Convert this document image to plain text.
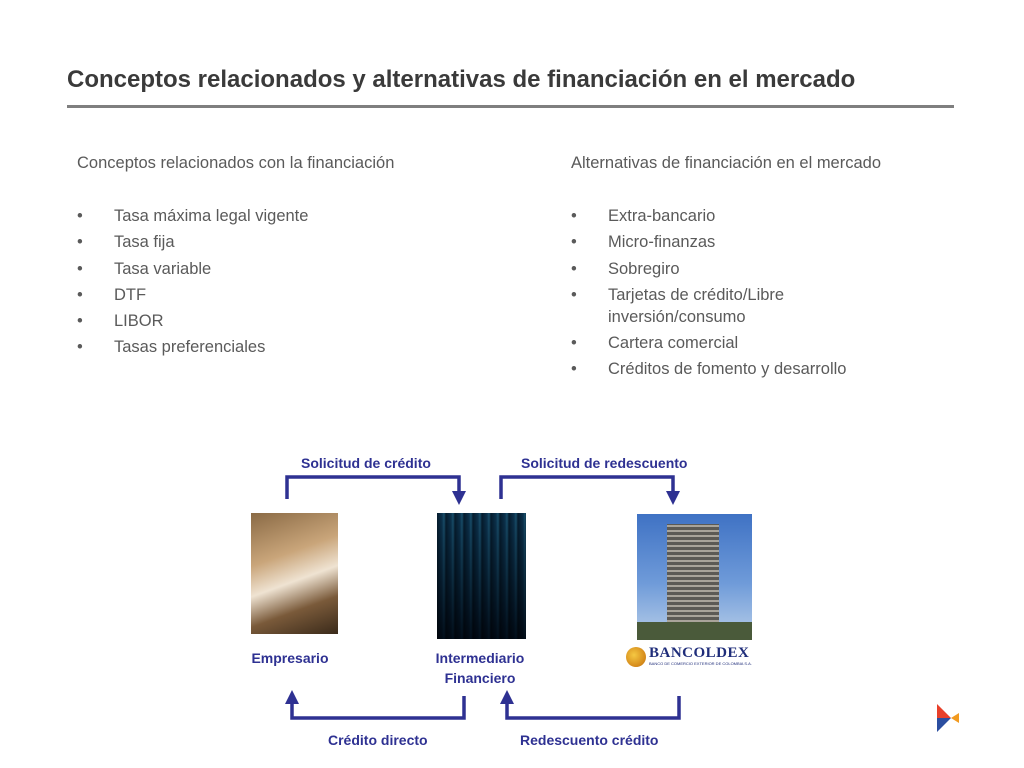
Conceptos relacionados y alternativas de financiación en el mercado
Conceptos relacionados con la financiación
• Tasa máxima legal vigente
• Tasa fija
• Tasa variable
• DTF
• LIBOR
• Tasas preferenciales
Alternativas de financiación en el mercado
• Extra-bancario
• Micro-finanzas
• Sobregiro
• Tarjetas de crédito/Libre inversión/consumo
• Cartera comercial
• Créditos de fomento y desarrollo
Solicitud de crédito	Solicitud de redescuento
Crédito directo	Redescuento crédito
Empresario	Intermediario
Financiero
BANCOLDEX
BANCO DE COMERCIO EXTERIOR DE COLOMBIA S.A.
